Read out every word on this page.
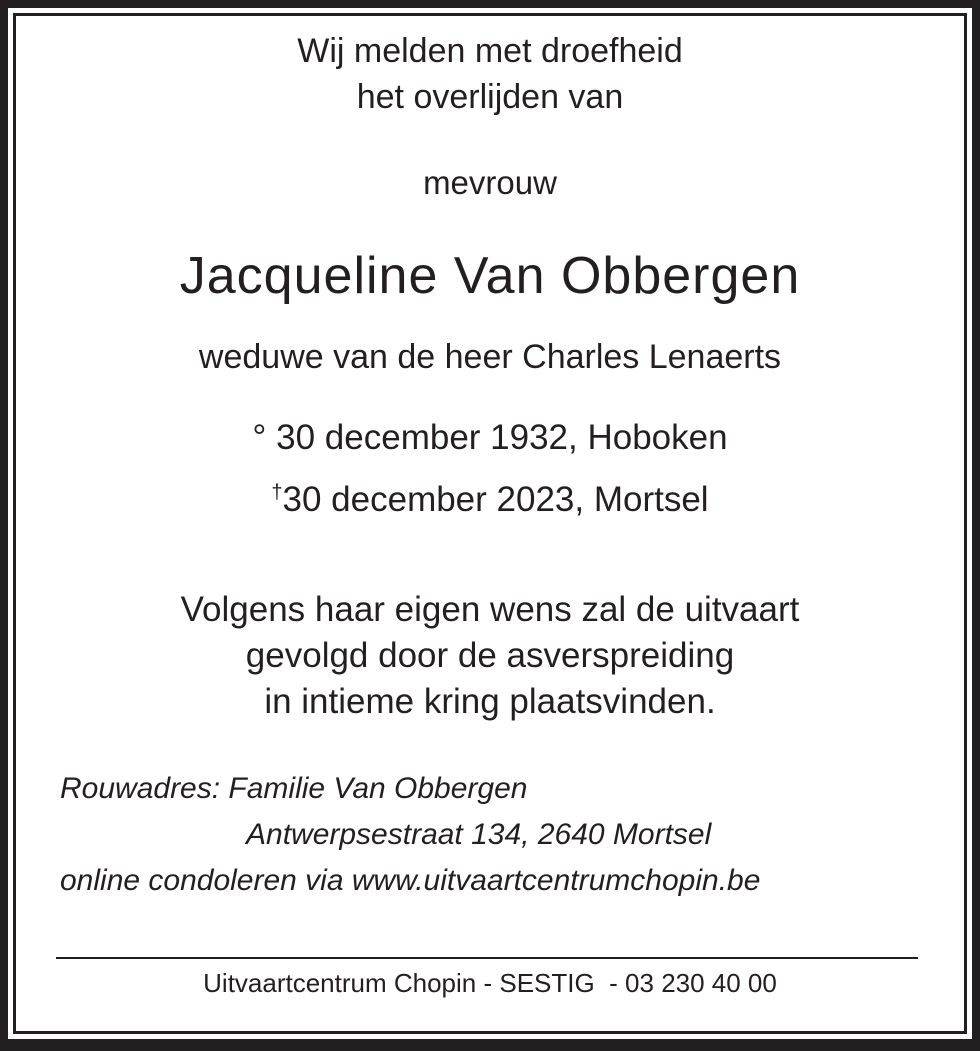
Wij melden met droefheid
het overlijden van
mevrouw
Jacqueline Van Obbergen
weduwe van de heer Charles Lenaerts
° 30 december 1932, Hoboken
†30 december 2023, Mortsel
Volgens haar eigen wens zal de uitvaart
gevolgd door de asverspreiding
in intieme kring plaatsvinden.
Rouwadres: Familie Van Obbergen
Antwerpsestraat 134, 2640 Mortsel
online condoleren via www.uitvaartcentrumchopin.be
Uitvaartcentrum Chopin - SESTIG  - 03 230 40 00
